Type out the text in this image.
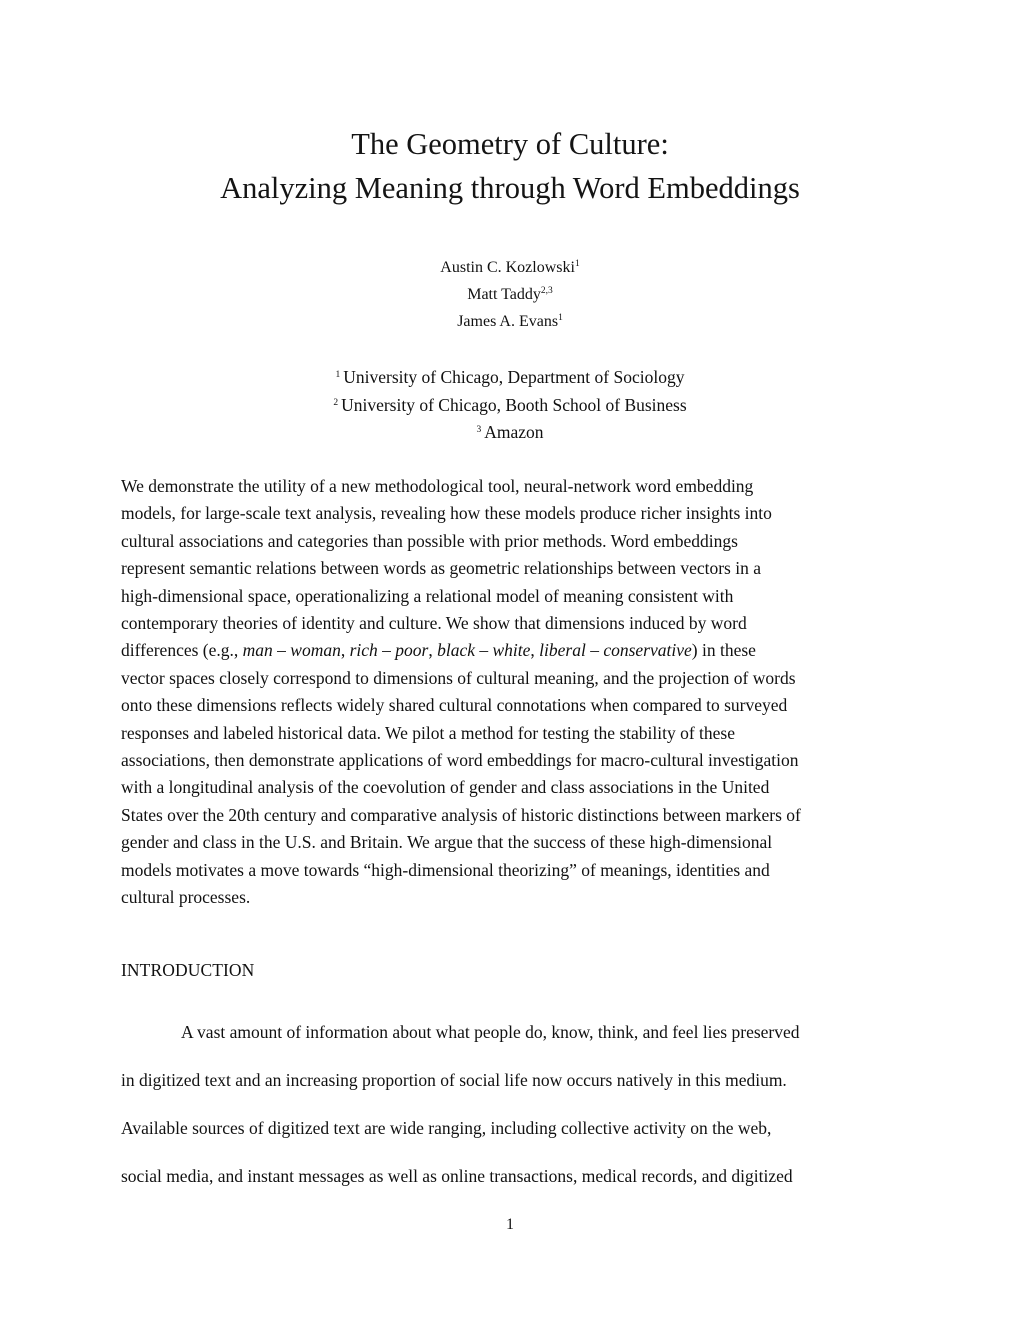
The Geometry of Culture:
Analyzing Meaning through Word Embeddings
Austin C. Kozlowski$^1$
Matt Taddy$^{2,3}$
James A. Evans$^1$
$^1$ University of Chicago, Department of Sociology
$^2$ University of Chicago, Booth School of Business
$^3$ Amazon
We demonstrate the utility of a new methodological tool, neural-network word embedding
models, for large-scale text analysis, revealing how these models produce richer insights into
cultural associations and categories than possible with prior methods. Word embeddings
represent semantic relations between words as geometric relationships between vectors in a
high-dimensional space, operationalizing a relational model of meaning consistent with
contemporary theories of identity and culture. We show that dimensions induced by word
differences (e.g., man – woman, rich – poor, black – white, liberal – conservative) in these
vector spaces closely correspond to dimensions of cultural meaning, and the projection of words
onto these dimensions reflects widely shared cultural connotations when compared to surveyed
responses and labeled historical data. We pilot a method for testing the stability of these
associations, then demonstrate applications of word embeddings for macro-cultural investigation
with a longitudinal analysis of the coevolution of gender and class associations in the United
States over the 20th century and comparative analysis of historic distinctions between markers of
gender and class in the U.S. and Britain. We argue that the success of these high-dimensional
models motivates a move towards “high-dimensional theorizing” of meanings, identities and
cultural processes.
INTRODUCTION
A vast amount of information about what people do, know, think, and feel lies preserved
in digitized text and an increasing proportion of social life now occurs natively in this medium.
Available sources of digitized text are wide ranging, including collective activity on the web,
social media, and instant messages as well as online transactions, medical records, and digitized
1
